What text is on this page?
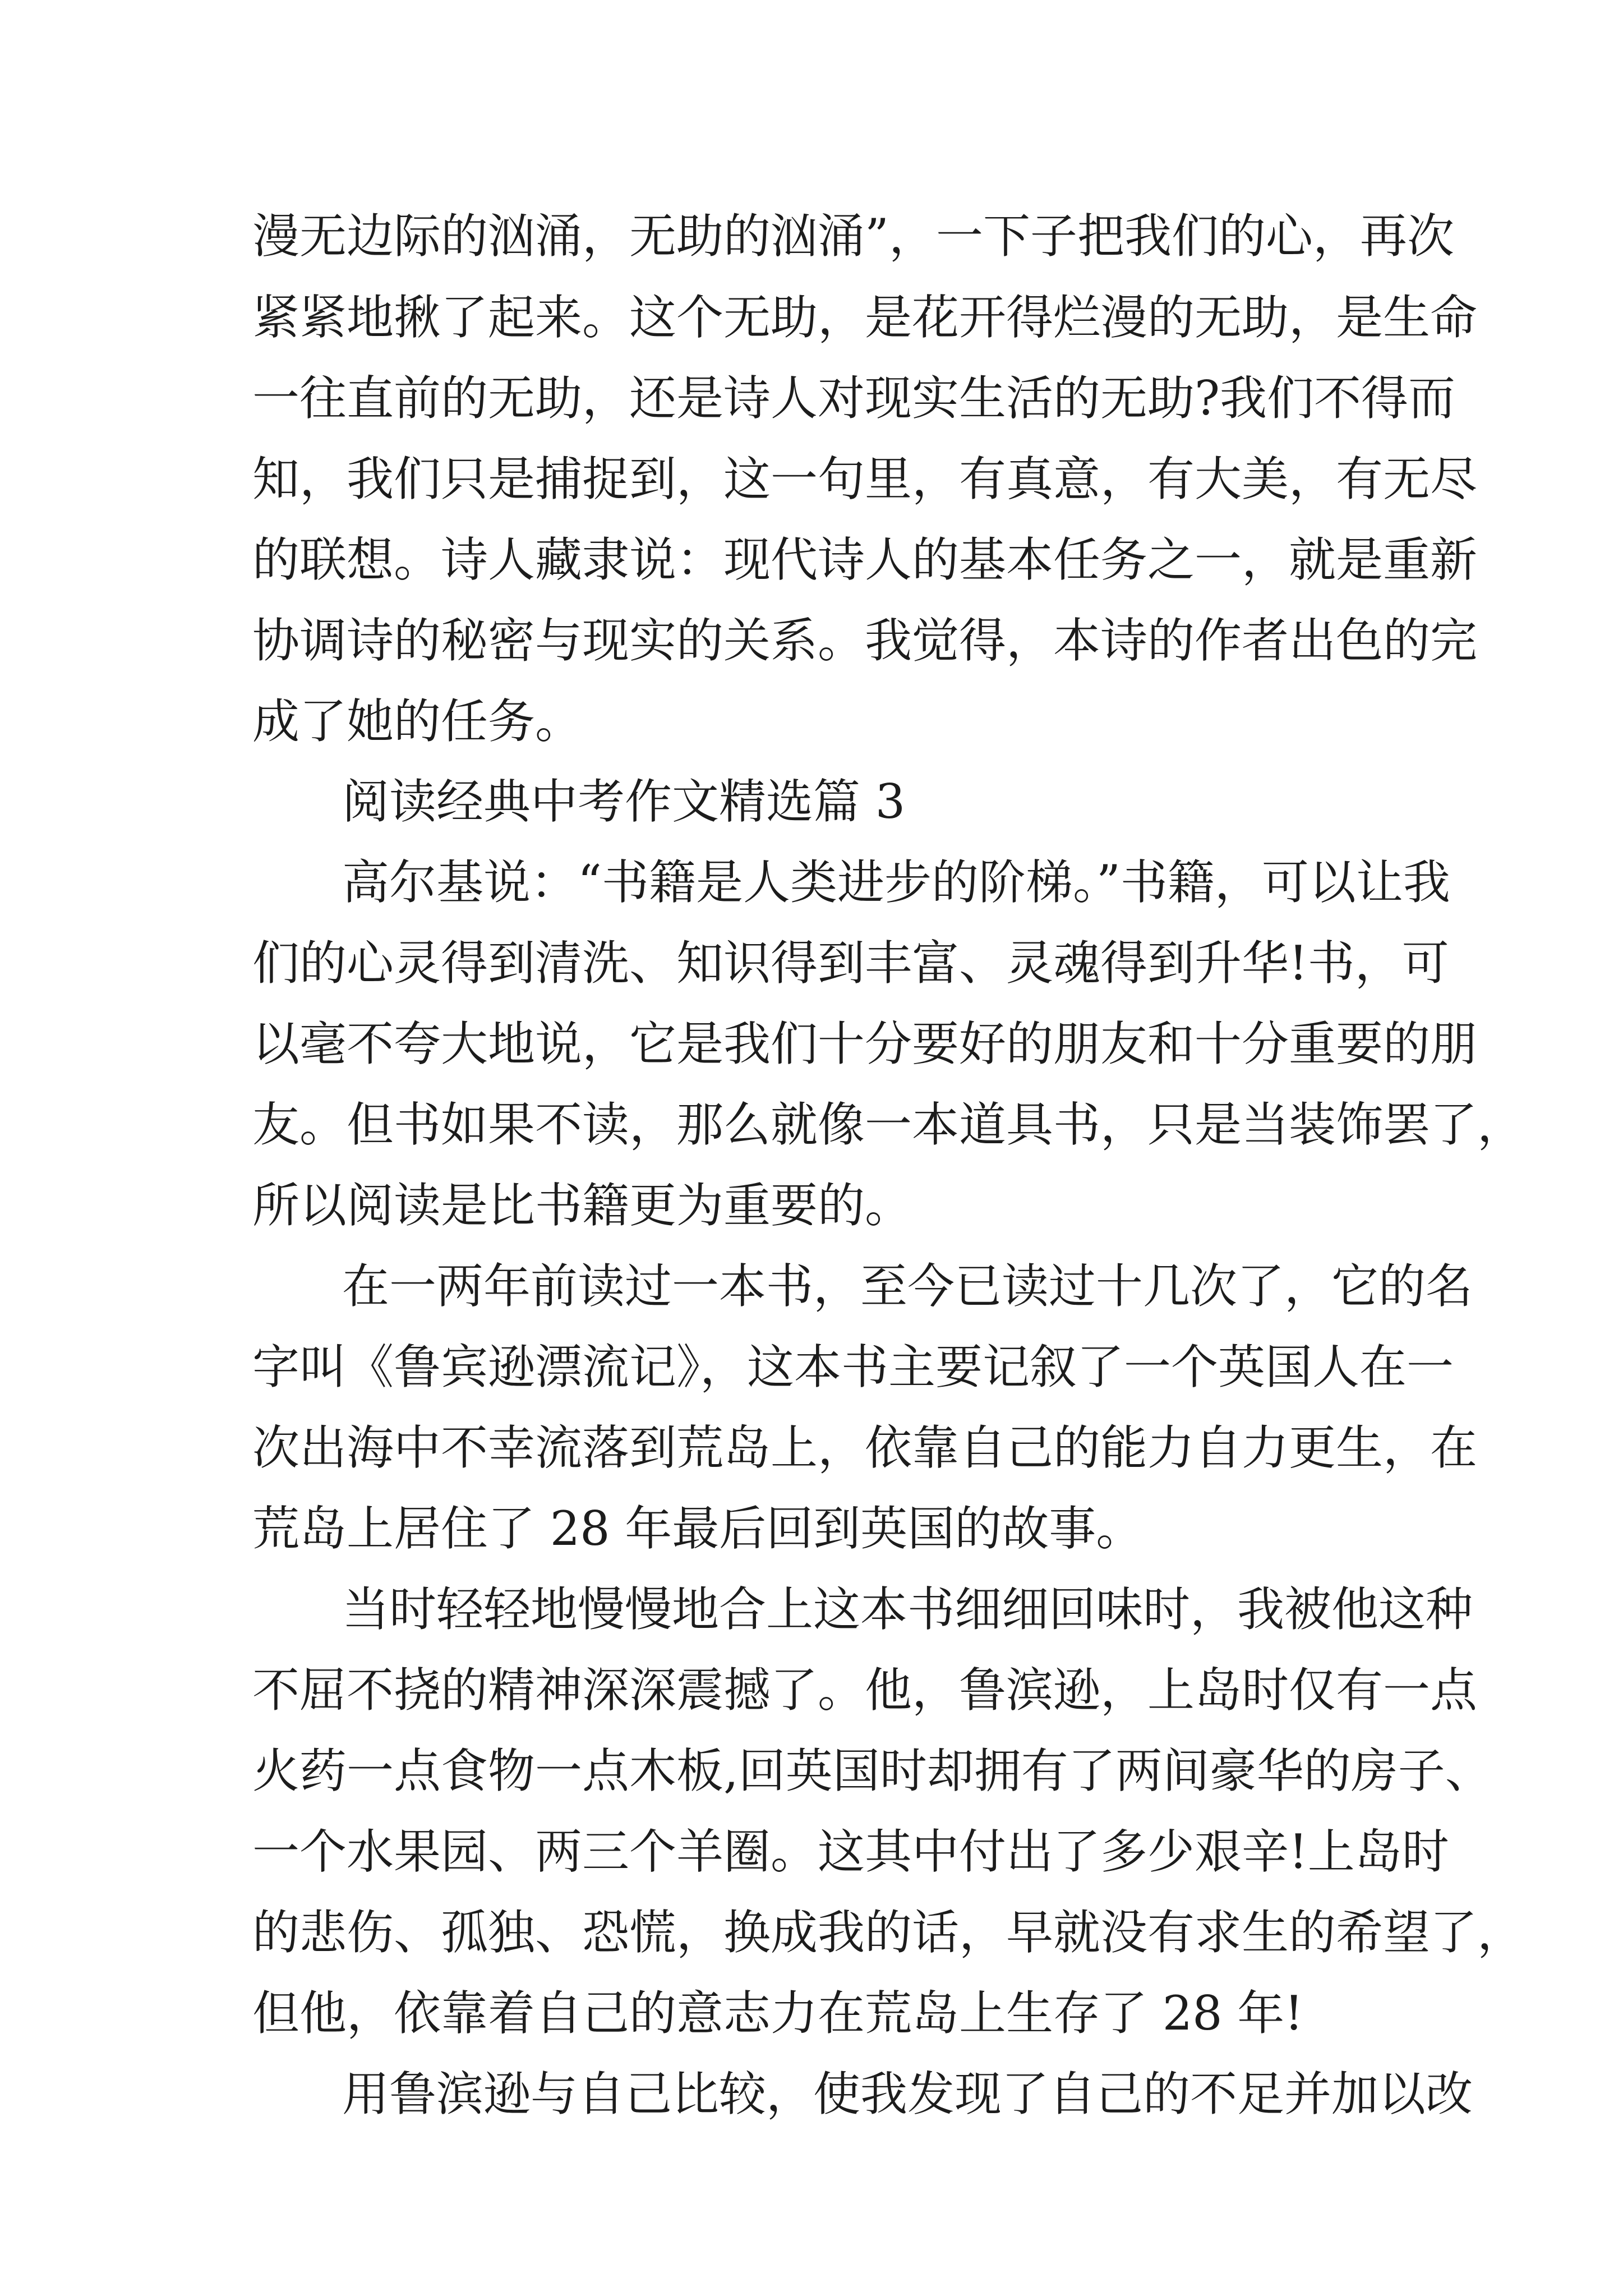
漫无边际的汹涌，无助的汹涌”，一下子把我们的心，再次
紧紧地揪了起来。这个无助，是花开得烂漫的无助，是生命
一往直前的无助，还是诗人对现实生活的无助?我们不得而
知，我们只是捕捉到，这一句里，有真意，有大美，有无尽
的联想。诗人藏隶说：现代诗人的基本任务之一，就是重新
协调诗的秘密与现实的关系。我觉得，本诗的作者出色的完
成了她的任务。
阅读经典中考作文精选篇 3
高尔基说：“书籍是人类进步的阶梯。”书籍，可以让我
们的心灵得到清洗、知识得到丰富、灵魂得到升华!书，可
以毫不夸大地说，它是我们十分要好的朋友和十分重要的朋
友。但书如果不读，那么就像一本道具书，只是当装饰罢了，
所以阅读是比书籍更为重要的。
在一两年前读过一本书，至今已读过十几次了，它的名
字叫《鲁宾逊漂流记》，这本书主要记叙了一个英国人在一
次出海中不幸流落到荒岛上，依靠自己的能力自力更生，在
荒岛上居住了 28 年最后回到英国的故事。
当时轻轻地慢慢地合上这本书细细回味时，我被他这种
不屈不挠的精神深深震撼了。他，鲁滨逊，上岛时仅有一点
火药一点食物一点木板,回英国时却拥有了两间豪华的房子、
一个水果园、两三个羊圈。这其中付出了多少艰辛!上岛时
的悲伤、孤独、恐慌，换成我的话，早就没有求生的希望了，
但他，依靠着自己的意志力在荒岛上生存了 28 年!
用鲁滨逊与自己比较，使我发现了自己的不足并加以改
